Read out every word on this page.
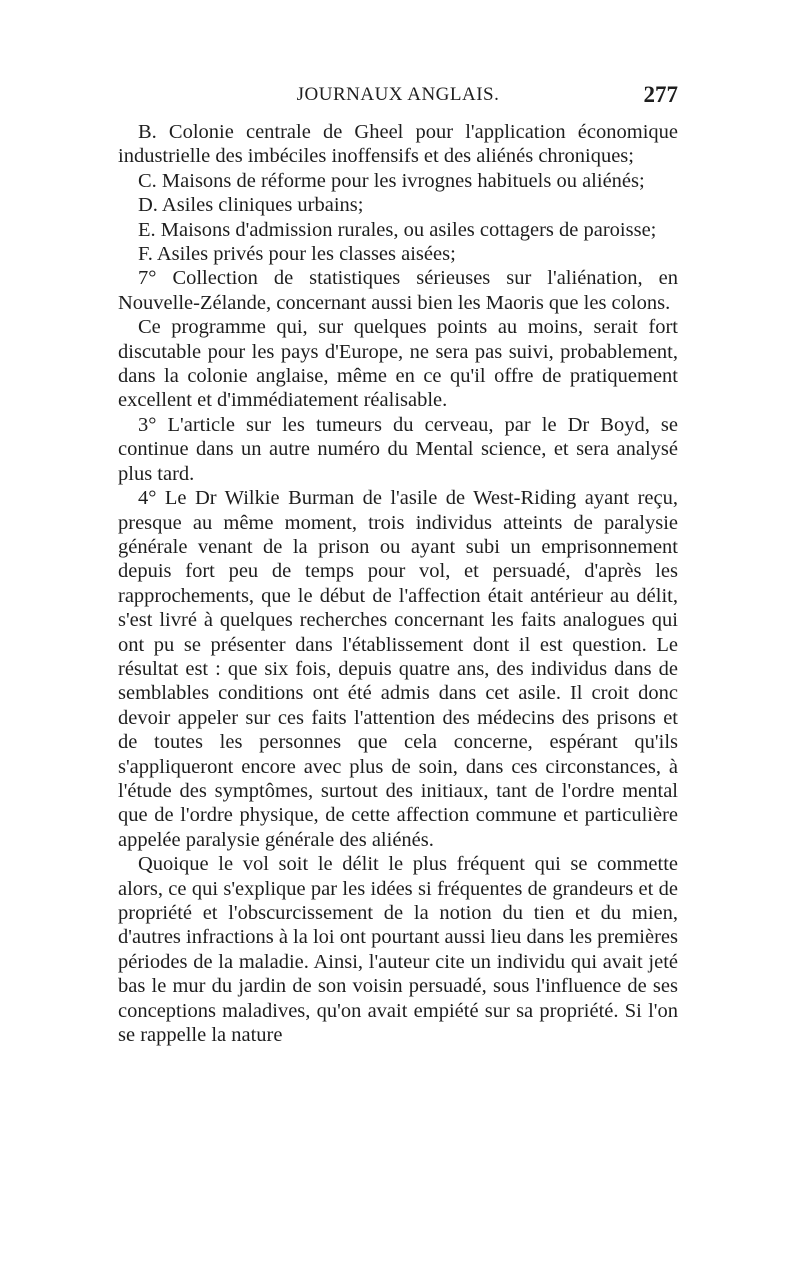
JOURNAUX ANGLAIS.	277

B. Colonie centrale de Gheel pour l'application économique industrielle des imbéciles inoffensifs et des aliénés chroniques;

C. Maisons de réforme pour les ivrognes habituels ou aliénés;

D. Asiles cliniques urbains;

E. Maisons d'admission rurales, ou asiles cottagers de paroisse;

F. Asiles privés pour les classes aisées;

7° Collection de statistiques sérieuses sur l'aliénation, en Nouvelle-Zélande, concernant aussi bien les Maoris que les colons.

Ce programme qui, sur quelques points au moins, serait fort discutable pour les pays d'Europe, ne sera pas suivi, probablement, dans la colonie anglaise, même en ce qu'il offre de pratiquement excellent et d'immédiatement réalisable.

3° L'article sur les tumeurs du cerveau, par le Dr Boyd, se continue dans un autre numéro du Mental science, et sera analysé plus tard.

4° Le Dr Wilkie Burman de l'asile de West-Riding ayant reçu, presque au même moment, trois individus atteints de paralysie générale venant de la prison ou ayant subi un emprisonnement depuis fort peu de temps pour vol, et persuadé, d'après les rapprochements, que le début de l'affection était antérieur au délit, s'est livré à quelques recherches concernant les faits analogues qui ont pu se présenter dans l'établissement dont il est question. Le résultat est : que six fois, depuis quatre ans, des individus dans de semblables conditions ont été admis dans cet asile. Il croit donc devoir appeler sur ces faits l'attention des médecins des prisons et de toutes les personnes que cela concerne, espérant qu'ils s'appliqueront encore avec plus de soin, dans ces circonstances, à l'étude des symptômes, surtout des initiaux, tant de l'ordre mental que de l'ordre physique, de cette affection commune et particulière appelée paralysie générale des aliénés.

Quoique le vol soit le délit le plus fréquent qui se commette alors, ce qui s'explique par les idées si fréquentes de grandeurs et de propriété et l'obscurcissement de la notion du tien et du mien, d'autres infractions à la loi ont pourtant aussi lieu dans les premières périodes de la maladie. Ainsi, l'auteur cite un individu qui avait jeté bas le mur du jardin de son voisin persuadé, sous l'influence de ses conceptions maladives, qu'on avait empiété sur sa propriété. Si l'on se rappelle la nature
